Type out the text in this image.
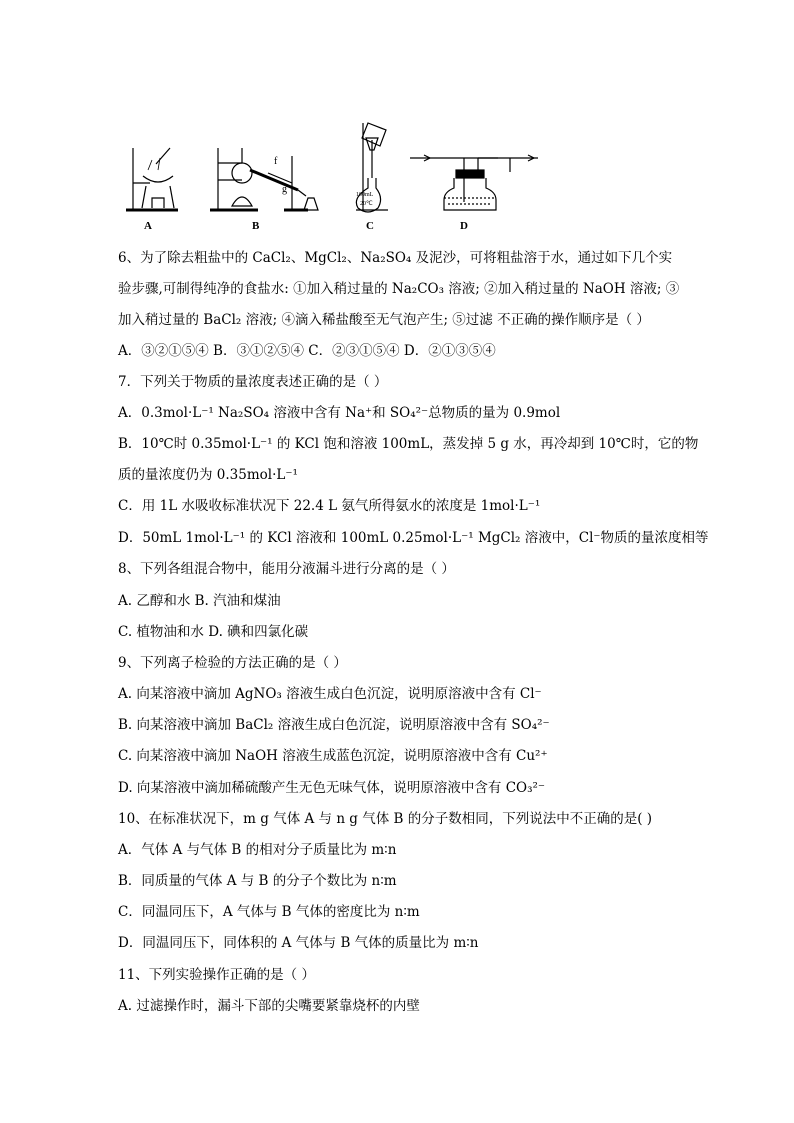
A	B	C	D
f
g	100mL
20℃
6、为了除去粗盐中的 CaCl₂、MgCl₂、Na₂SO₄ 及泥沙，可将粗盐溶于水，通过如下几个实
验步骤,可制得纯净的食盐水: ①加入稍过量的 Na₂CO₃ 溶液; ②加入稍过量的 NaOH 溶液; ③
加入稍过量的 BaCl₂ 溶液; ④滴入稀盐酸至无气泡产生; ⑤过滤 不正确的操作顺序是（ ）
A．③②①⑤④ B．③①②⑤④ C．②③①⑤④ D．②①③⑤④
7．下列关于物质的量浓度表述正确的是（ ）
A．0.3mol·L⁻¹ Na₂SO₄ 溶液中含有 Na⁺和 SO₄²⁻总物质的量为 0.9mol
B．10℃时 0.35mol·L⁻¹ 的 KCl 饱和溶液 100mL，蒸发掉 5 g 水，再冷却到 10℃时，它的物
质的量浓度仍为 0.35mol·L⁻¹
C．用 1L 水吸收标准状况下 22.4 L 氨气所得氨水的浓度是 1mol·L⁻¹
D．50mL 1mol·L⁻¹ 的 KCl 溶液和 100mL 0.25mol·L⁻¹ MgCl₂ 溶液中，Cl⁻物质的量浓度相等
8、下列各组混合物中，能用分液漏斗进行分离的是（ ）
A. 乙醇和水 B. 汽油和煤油
C. 植物油和水 D. 碘和四氯化碳
9、下列离子检验的方法正确的是（ ）
A. 向某溶液中滴加 AgNO₃ 溶液生成白色沉淀，说明原溶液中含有 Cl⁻
B. 向某溶液中滴加 BaCl₂ 溶液生成白色沉淀，说明原溶液中含有 SO₄²⁻
C. 向某溶液中滴加 NaOH 溶液生成蓝色沉淀，说明原溶液中含有 Cu²⁺
D. 向某溶液中滴加稀硫酸产生无色无味气体，说明原溶液中含有 CO₃²⁻
10、在标准状况下，m g 气体 A 与 n g 气体 B 的分子数相同，下列说法中不正确的是( )
A．气体 A 与气体 B 的相对分子质量比为 m∶n
B．同质量的气体 A 与 B 的分子个数比为 n∶m
C．同温同压下，A 气体与 B 气体的密度比为 n∶m
D．同温同压下，同体积的 A 气体与 B 气体的质量比为 m∶n
11、下列实验操作正确的是（ ）
A. 过滤操作时，漏斗下部的尖嘴要紧靠烧杯的内壁
